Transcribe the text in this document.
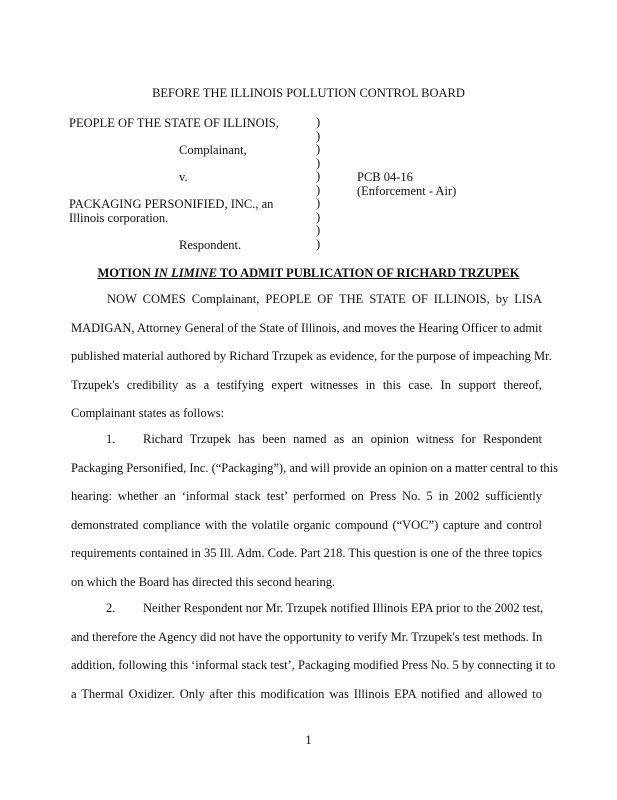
BEFORE THE ILLINOIS POLLUTION CONTROL BOARD
PEOPLE OF THE STATE OF ILLINOIS,
Complainant,
v.
PACKAGING PERSONIFIED, INC., an
Illinois corporation.
Respondent.
PCB 04-16
(Enforcement - Air)
)
)
)
)
)
)
)
)
)
)
MOTION IN LIMINE TO ADMIT PUBLICATION OF RICHARD TRZUPEK
NOW COMES Complainant, PEOPLE OF THE STATE OF ILLINOIS, by LISA
MADIGAN, Attorney General of the State of Illinois, and moves the Hearing Officer to admit
published material authored by Richard Trzupek as evidence, for the purpose of impeaching Mr.
Trzupek's credibility as a testifying expert witnesses in this case. In support thereof,
Complainant states as follows:
1.	Richard Trzupek has been named as an opinion witness for Respondent
Packaging Personified, Inc. (“Packaging”), and will provide an opinion on a matter central to this
hearing: whether an ‘informal stack test’ performed on Press No. 5 in 2002 sufficiently
demonstrated compliance with the volatile organic compound (“VOC”) capture and control
requirements contained in 35 Ill. Adm. Code. Part 218. This question is one of the three topics
on which the Board has directed this second hearing.
2.	Neither Respondent nor Mr. Trzupek notified Illinois EPA prior to the 2002 test,
and therefore the Agency did not have the opportunity to verify Mr. Trzupek's test methods. In
addition, following this ‘informal stack test’, Packaging modified Press No. 5 by connecting it to
a Thermal Oxidizer. Only after this modification was Illinois EPA notified and allowed to
1
